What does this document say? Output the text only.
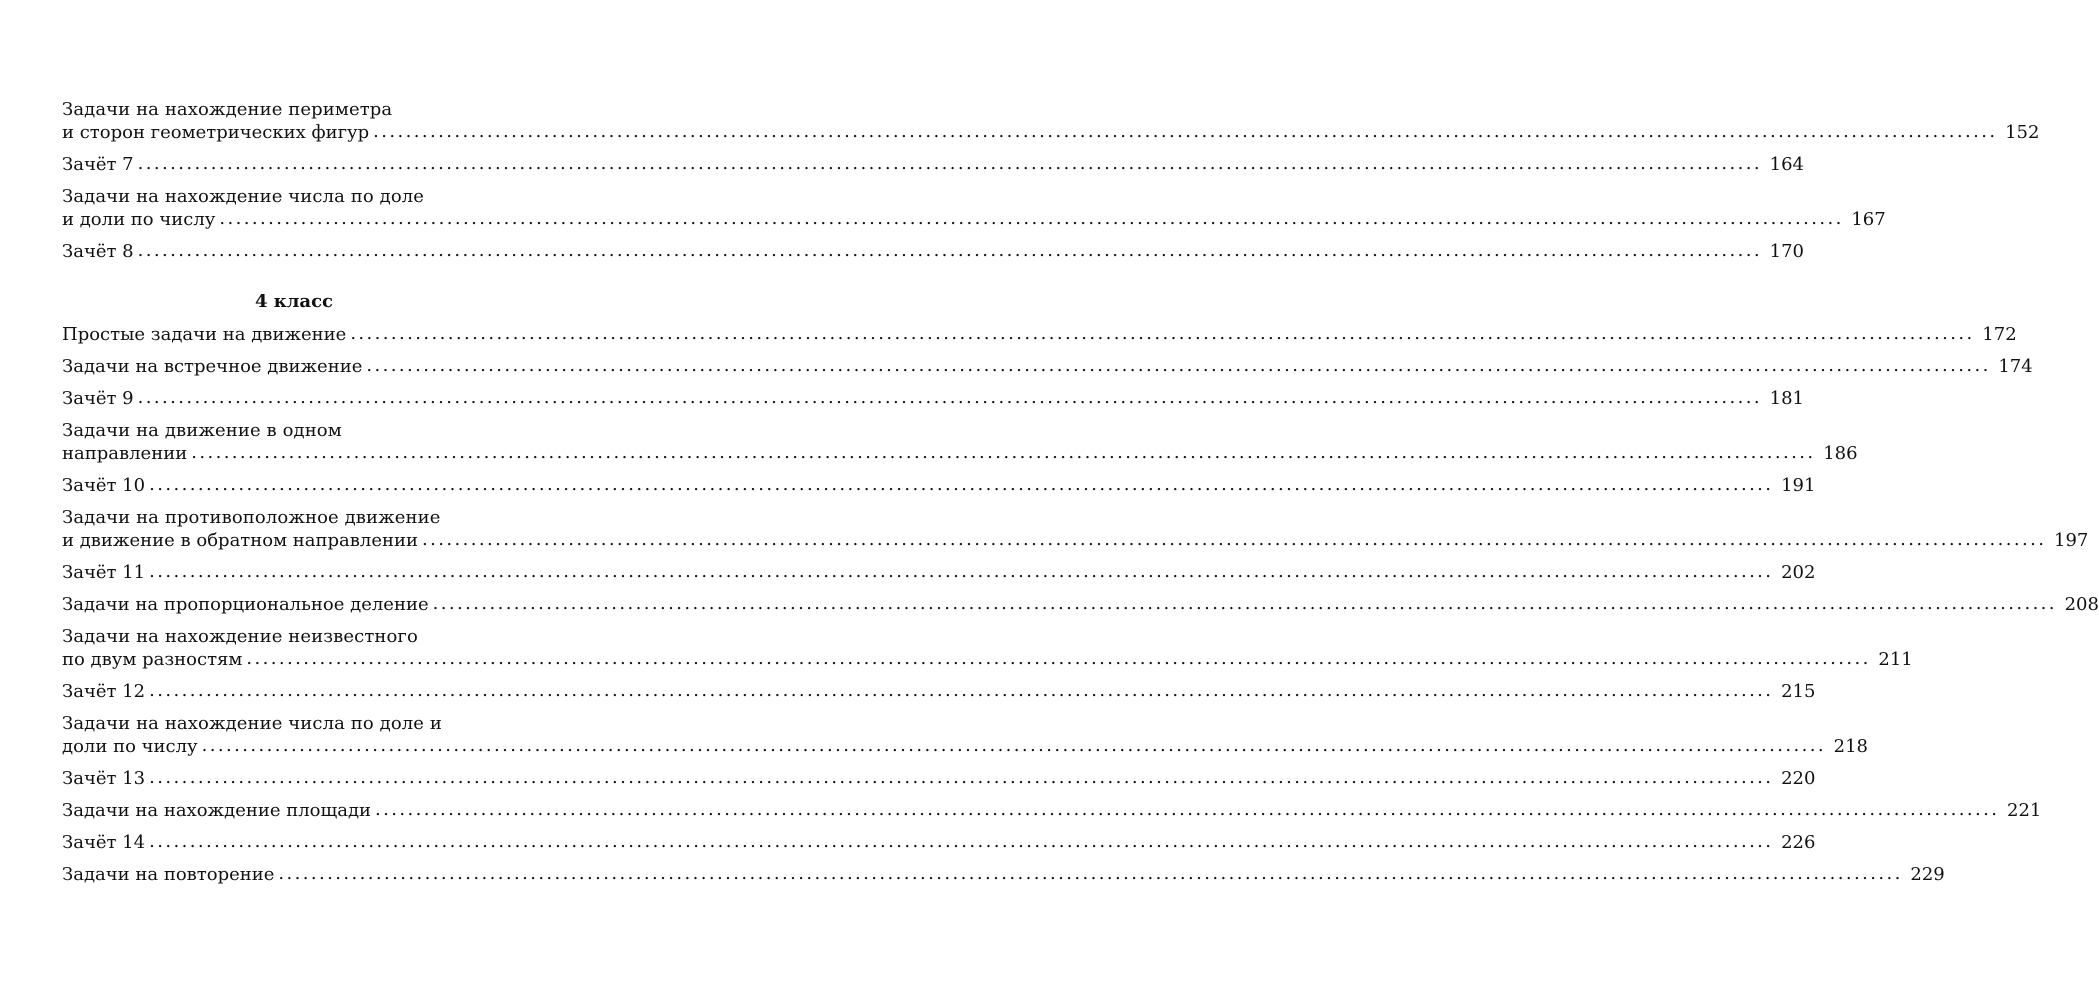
Задачи на нахождение периметра
и сторон геометрических фигур ........................................................................................................................................................................................................ 152
Зачёт 7 ........................................................................................................................................................................................................ 164
Задачи на нахождение числа по доле
и доли по числу ........................................................................................................................................................................................................ 167
Зачёт 8 ........................................................................................................................................................................................................ 170
4 класс
Простые задачи на движение ........................................................................................................................................................................................................ 172
Задачи на встречное движение ........................................................................................................................................................................................................ 174
Зачёт 9 ........................................................................................................................................................................................................ 181
Задачи на движение в одном
направлении ........................................................................................................................................................................................................ 186
Зачёт 10 ........................................................................................................................................................................................................ 191
Задачи на противоположное движение
и движение в обратном направлении ........................................................................................................................................................................................................ 197
Зачёт 11 ........................................................................................................................................................................................................ 202
Задачи на пропорциональное деление ........................................................................................................................................................................................................ 208
Задачи на нахождение неизвестного
по двум разностям ........................................................................................................................................................................................................ 211
Зачёт 12 ........................................................................................................................................................................................................ 215
Задачи на нахождение числа по доле и
доли по числу ........................................................................................................................................................................................................ 218
Зачёт 13 ........................................................................................................................................................................................................ 220
Задачи на нахождение площади ........................................................................................................................................................................................................ 221
Зачёт 14 ........................................................................................................................................................................................................ 226
Задачи на повторение ........................................................................................................................................................................................................ 229
